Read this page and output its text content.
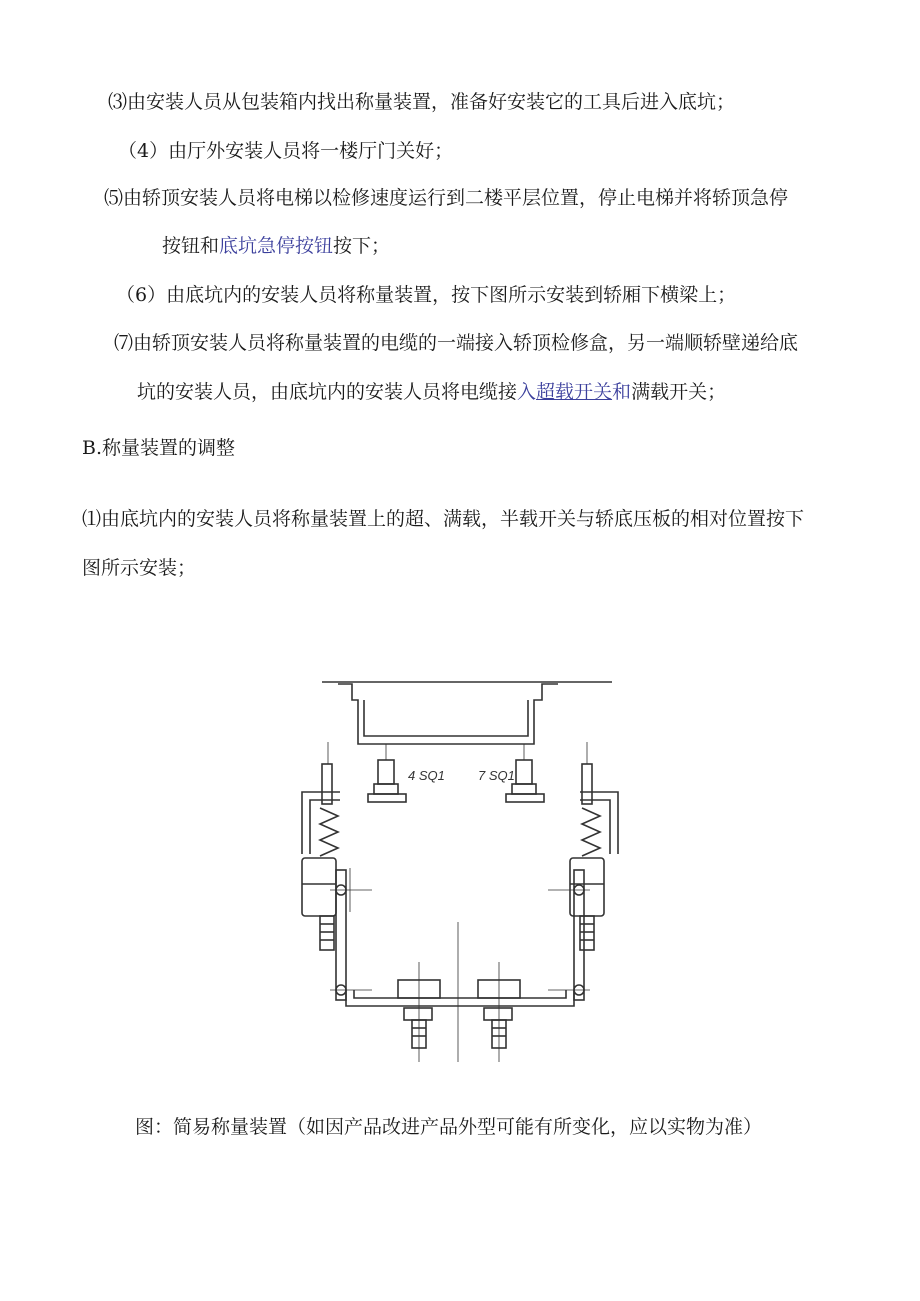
⑶由安装人员从包装箱内找出称量装置，准备好安装它的工具后进入底坑；
（4）由厅外安装人员将一楼厅门关好；
⑸由轿顶安装人员将电梯以检修速度运行到二楼平层位置，停止电梯并将轿顶急停
按钮和底坑急停按钮按下；
（6）由底坑内的安装人员将称量装置，按下图所示安装到轿厢下横梁上；
⑺由轿顶安装人员将称量装置的电缆的一端接入轿顶检修盒，另一端顺轿壁递给底
坑的安装人员，由底坑内的安装人员将电缆接入超载开关和满载开关；
B.称量装置的调整
⑴由底坑内的安装人员将称量装置上的超、满载，半载开关与轿底压板的相对位置按下
图所示安装；
4 SQ1	7 SQ1
图：简易称量装置（如因产品改进产品外型可能有所变化，应以实物为准）
